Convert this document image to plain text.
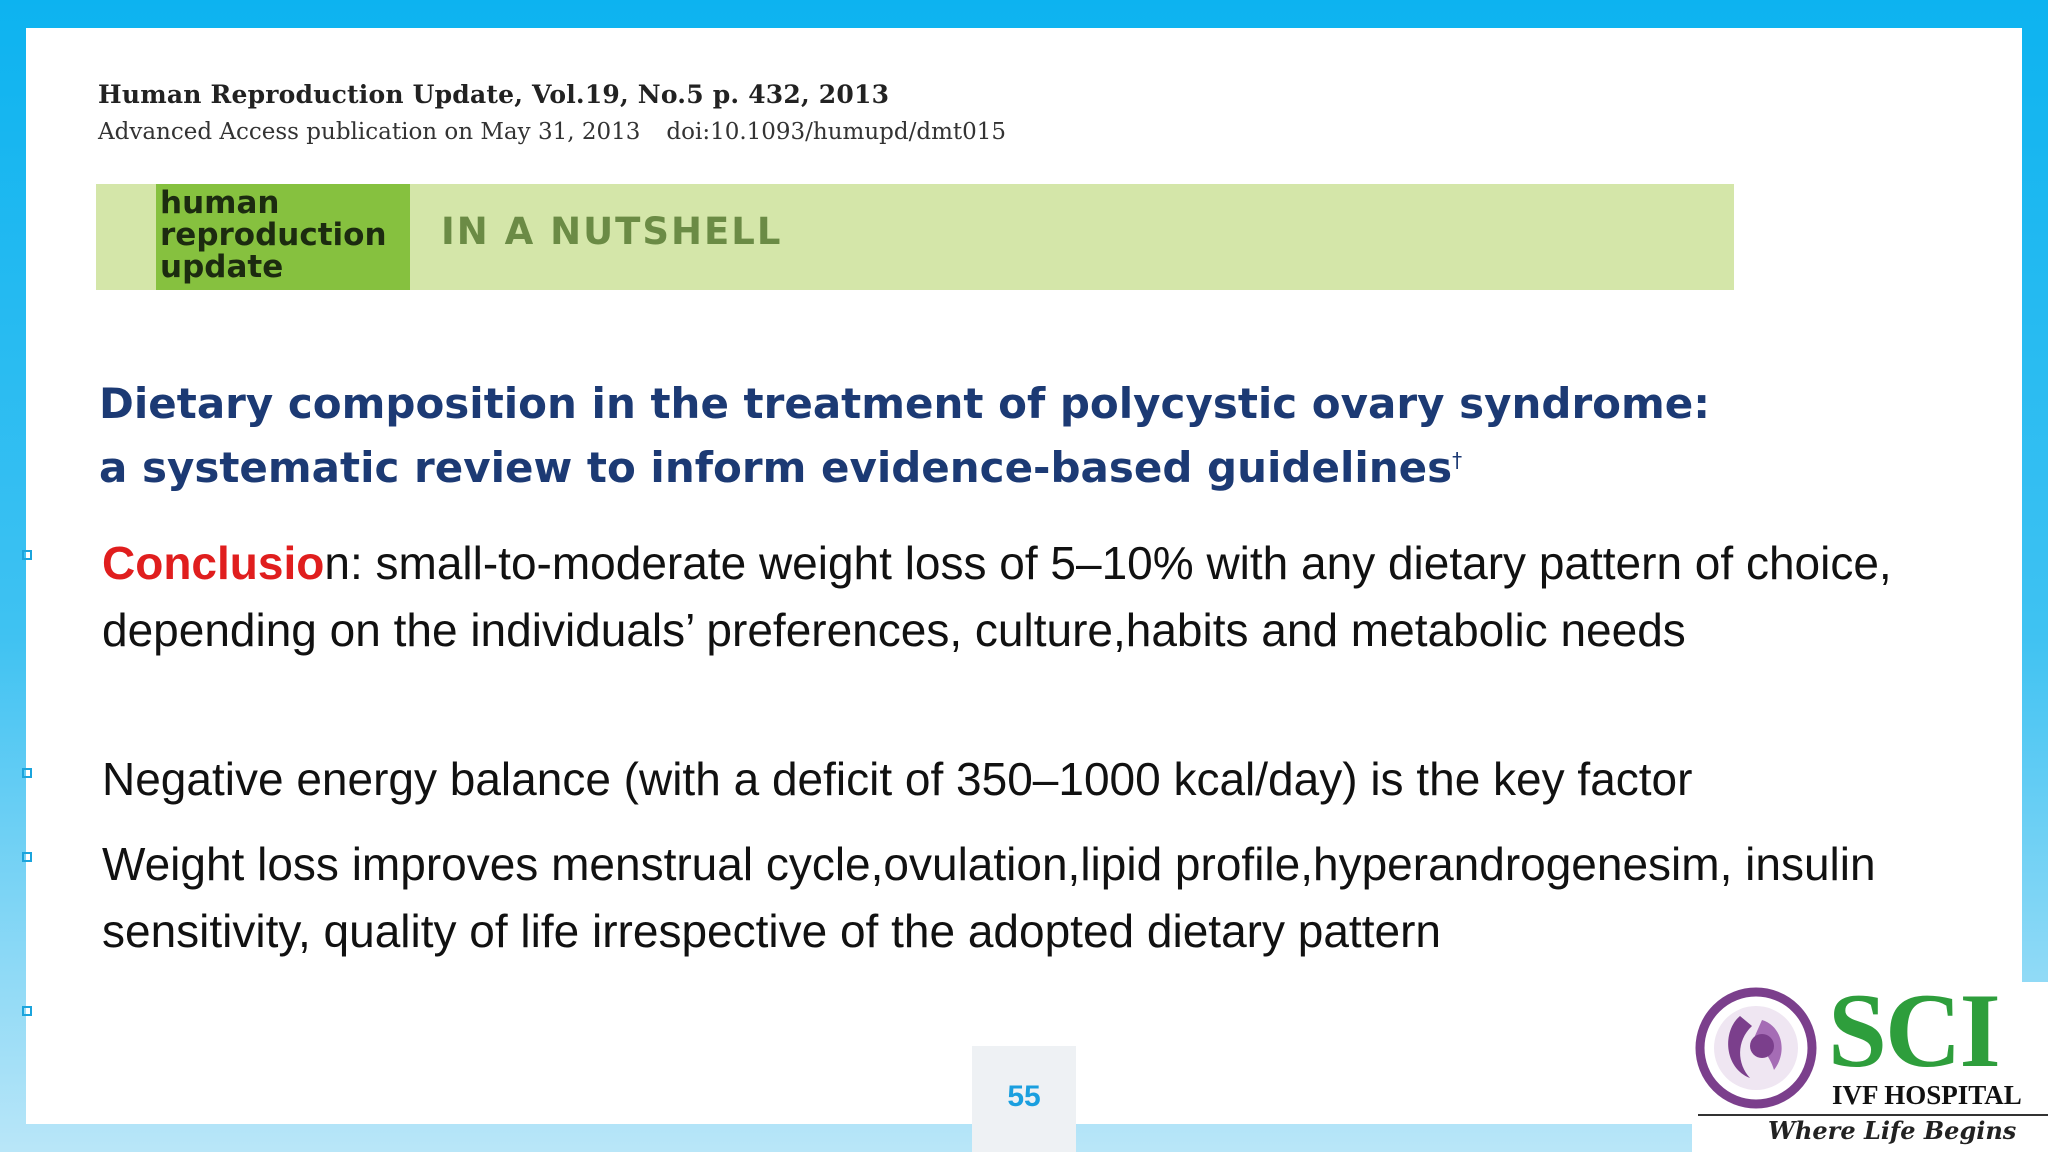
Human Reproduction Update, Vol.19, No.5 p. 432, 2013
Advanced Access publication on May 31, 2013 doi:10.1093/humupd/dmt015
human
reproduction
update
IN A NUTSHELL
Dietary composition in the treatment of polycystic ovary syndrome:
a systematic review to inform evidence-based guidelines†
Conclusion: small-to-moderate weight loss of 5–10% with any dietary pattern of choice, depending on the individuals’ preferences, culture,habits and metabolic needs
Negative energy balance (with a deficit of 350–1000 kcal/day) is the key factor
Weight loss improves menstrual cycle,ovulation,lipid profile,hyperandrogenesim, insulin sensitivity, quality of life irrespective of the adopted dietary pattern
55
SCI
IVF HOSPITAL
Where Life Begins
